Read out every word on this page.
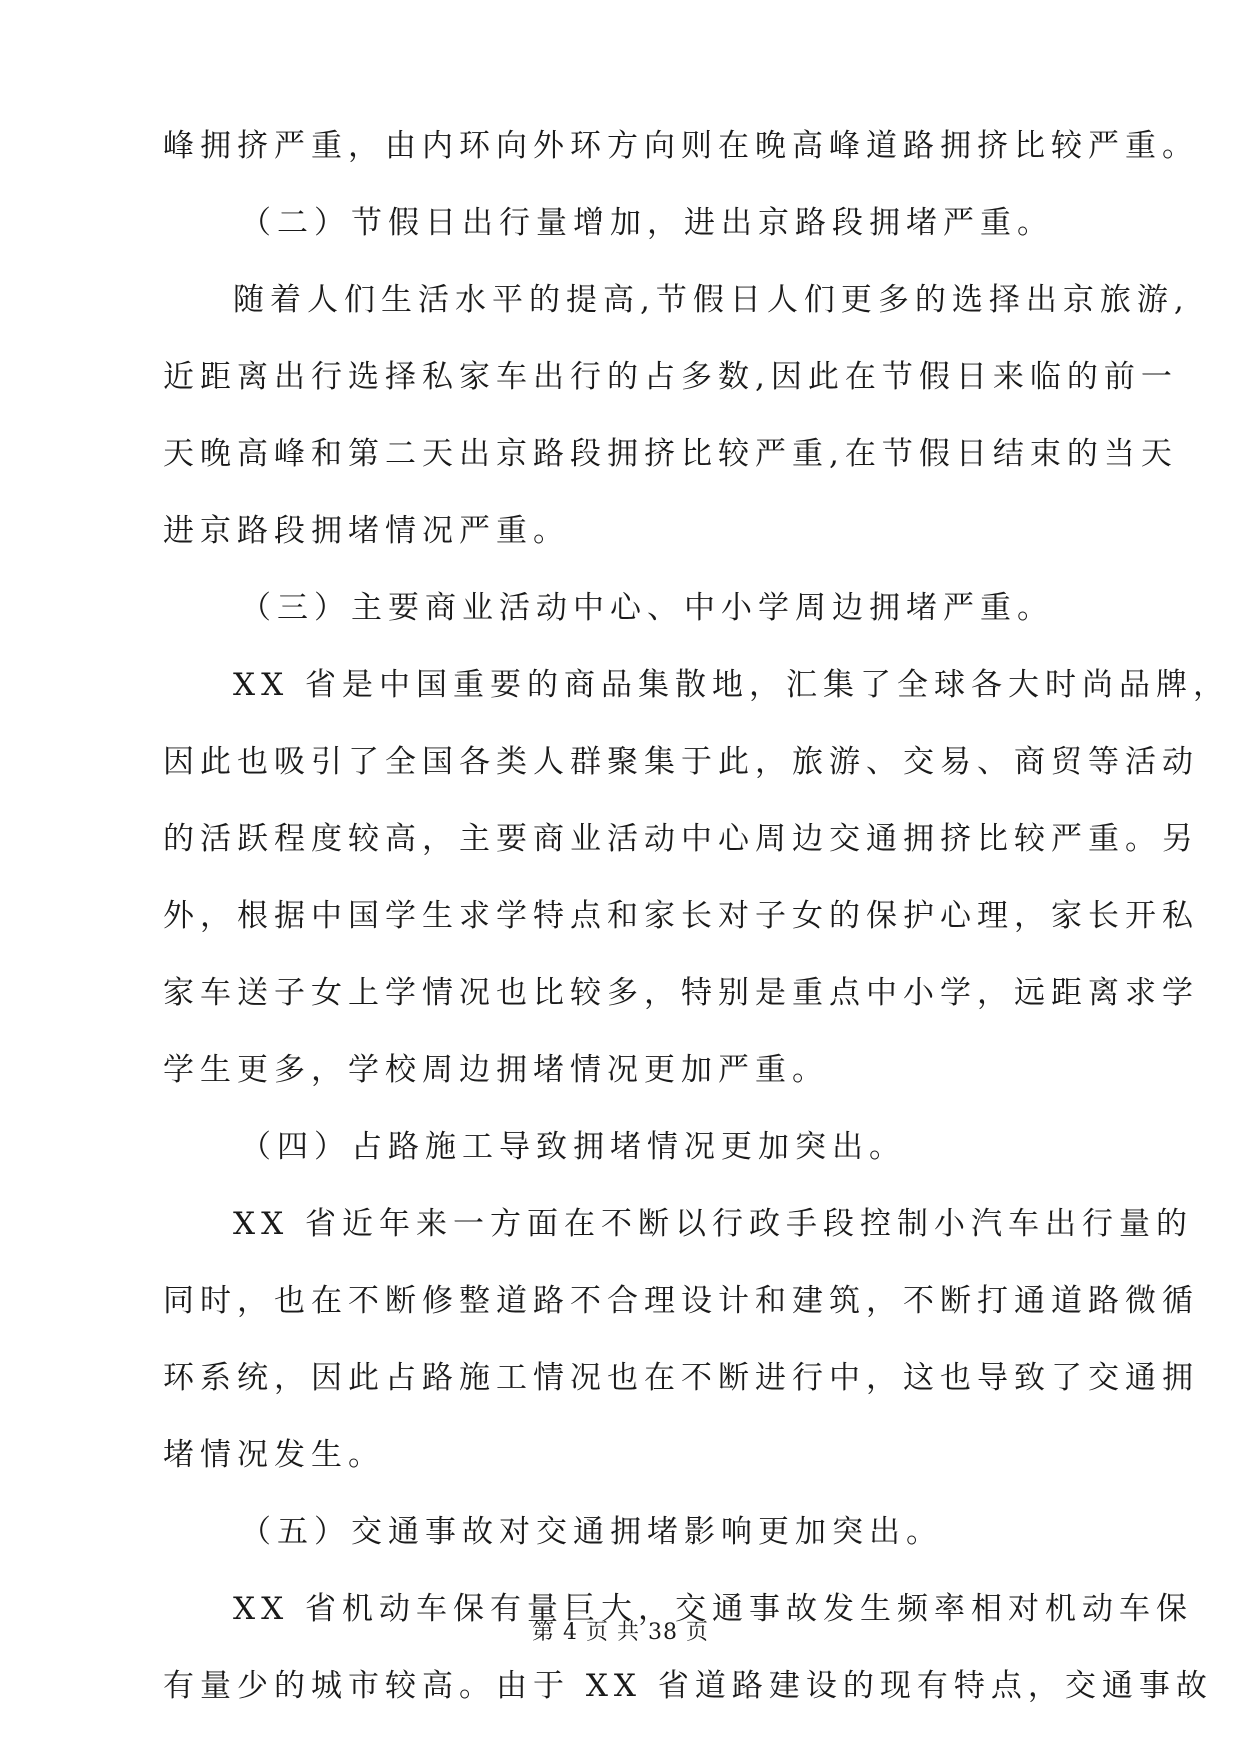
峰拥挤严重，由内环向外环方向则在晚高峰道路拥挤比较严重。
（二）节假日出行量增加，进出京路段拥堵严重。
随着人们生活水平的提高,节假日人们更多的选择出京旅游,
近距离出行选择私家车出行的占多数,因此在节假日来临的前一
天晚高峰和第二天出京路段拥挤比较严重,在节假日结束的当天
进京路段拥堵情况严重。
（三）主要商业活动中心、中小学周边拥堵严重。
XX 省是中国重要的商品集散地，汇集了全球各大时尚品牌，
因此也吸引了全国各类人群聚集于此，旅游、交易、商贸等活动
的活跃程度较高，主要商业活动中心周边交通拥挤比较严重。另
外，根据中国学生求学特点和家长对子女的保护心理，家长开私
家车送子女上学情况也比较多，特别是重点中小学，远距离求学
学生更多，学校周边拥堵情况更加严重。
（四）占路施工导致拥堵情况更加突出。
XX 省近年来一方面在不断以行政手段控制小汽车出行量的
同时，也在不断修整道路不合理设计和建筑，不断打通道路微循
环系统，因此占路施工情况也在不断进行中，这也导致了交通拥
堵情况发生。
（五）交通事故对交通拥堵影响更加突出。
XX 省机动车保有量巨大，交通事故发生频率相对机动车保
有量少的城市较高。由于 XX 省道路建设的现有特点，交通事故
第 4 页 共 38 页
